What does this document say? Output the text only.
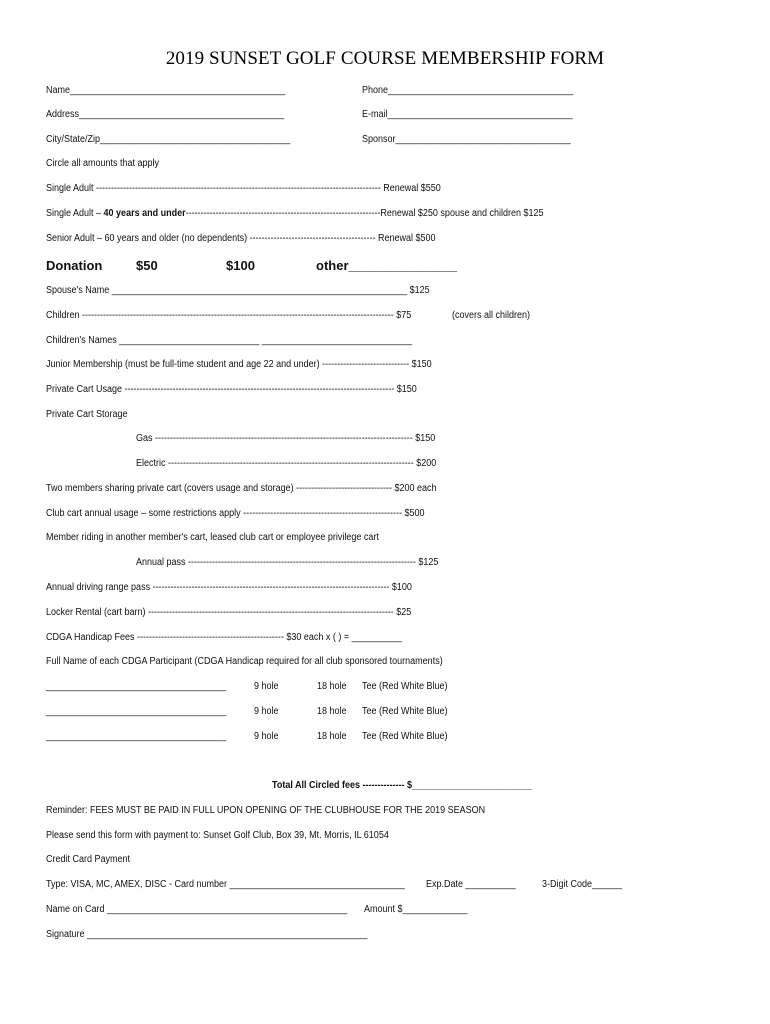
2019 SUNSET GOLF COURSE MEMBERSHIP FORM
Name___________________________________________	Phone_____________________________________
Address_________________________________________	E-mail_____________________________________
City/State/Zip______________________________________	Sponsor___________________________________
Circle all amounts that apply
Single Adult ----------------------------------------------------------------------------------------------- Renewal $550
Single Adult – 40 years and under-----------------------------------------------------------------Renewal $250 spouse and children $125
Senior Adult – 60 years and older (no dependents) ------------------------------------------ Renewal $500
Donation	$50	$100	other_______________
Spouse's Name ___________________________________________________________ $125
Children -------------------------------------------------------------------------------------------------------- $75	(covers all children)
Children's Names ____________________________ ______________________________
Junior Membership (must be full-time student and age 22 and under) ----------------------------- $150
Private Cart Usage ------------------------------------------------------------------------------------------ $150
Private Cart Storage
Gas -------------------------------------------------------------------------------------- $150
Electric ---------------------------------------------------------------------------------- $200
Two members sharing private cart (covers usage and storage) -------------------------------- $200 each
Club cart annual usage – some restrictions apply ----------------------------------------------------- $500
Member riding in another member's cart, leased club cart or employee privilege cart
Annual pass ---------------------------------------------------------------------------- $125
Annual driving range pass ------------------------------------------------------------------------------- $100
Locker Rental (cart barn) ---------------------------------------------------------------------------------- $25
CDGA Handicap Fees ------------------------------------------------- $30 each x ( ) = __________
Full Name of each CDGA Participant (CDGA Handicap required for all club sponsored tournaments)
____________________________________	9 hole	18 hole Tee (Red White Blue)
____________________________________	9 hole	18 hole Tee (Red White Blue)
____________________________________	9 hole	18 hole Tee (Red White Blue)
Total All Circled fees -------------- $________________________
Reminder: FEES MUST BE PAID IN FULL UPON OPENING OF THE CLUBHOUSE FOR THE 2019 SEASON
Please send this form with payment to: Sunset Golf Club, Box 39, Mt. Morris, IL 61054
Credit Card Payment
Type: VISA, MC, AMEX, DISC - Card number ___________________________________ Exp.Date __________	3-Digit Code______
Name on Card ________________________________________________ Amount $_____________
Signature ________________________________________________________
